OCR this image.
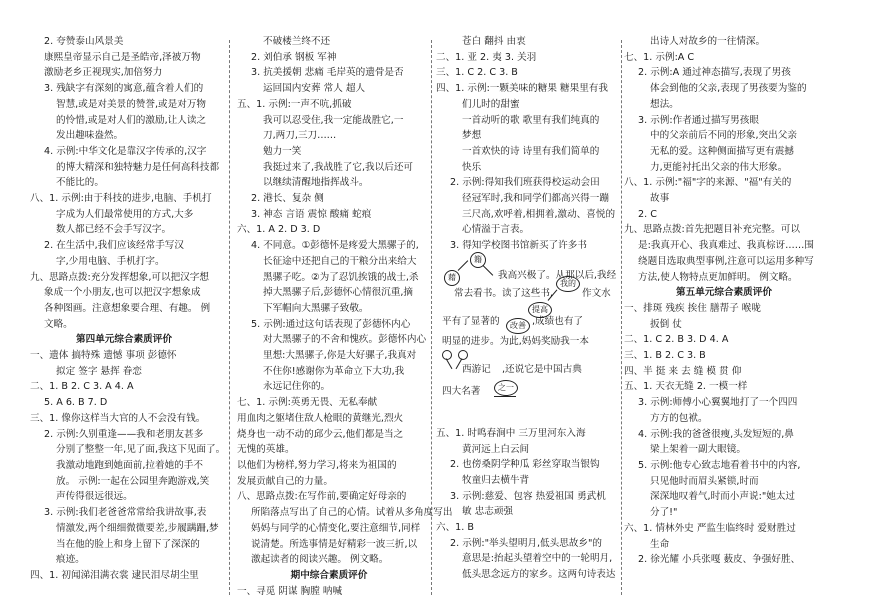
2. 夸赞泰山风景美

康熙皇帝显示自己是圣皓帝,泽被万物

激励老乡正视现实,加倍努力

3. 残缺字有深刻的寓意,蕴含着人们的

智慧,或是对美景的赞誉,或是对万物

的怜惜,或是对人们的激励,让人读之

发出趣味盎然。

4. 示例:中华文化是靠汉字传承的,汉字

的博大精深和独特魅力是任何高科技都

不能比的。

八、1. 示例:由于科技的进步,电脑、手机打

字成为人们最常使用的方式,大多

数人都已经不会手写汉字。

2. 在生活中,我们应该经常手写汉

字,少用电脑、手机打字。

九、思路点拨:充分发挥想象,可以把汉字想

象成一个小朋友,也可以把汉字想象成

各种图画。注意想象要合理、有趣。 例

文略。

第四单元综合素质评价

一、遗体 搞特殊 遗憾 事项 彭德怀

拟定 签字 悬挥 眷恋

二、1. B 2. C 3. A 4. A

5. A 6. B 7. D

三、1. 像你这样当大官的人不会没有钱。

2. 示例:久别重逢——我和老朋友甚多

分别了整整一年,见了面,我这下见面了。

我激动地跑到她面前,拉着她的手不

放。 示例:一起在公园里奔跑游戏,笑

声传得很远很远。

3. 示例:我们老爸爸常常给我讲故事,表

情激发,两个细细微微要差,步履蹒跚,梦

当在他的脸上和身上留下了深深的

痕迹。

四、1. 初闻涕泪满衣裳 逮民泪尽胡尘里

不破楼兰终不还

2. 刘伯承 钢板 军神

3. 抗美援朝 悲痛 毛岸英的遗骨是否

运回国内安葬 常人 超人

五、1. 示例:一声不吭,抓破

我可以忍受住,我一定能战胜它,一

刀,两刀,三刀……

勉力一笑

我挺过来了,我战胜了它,我以后还可

以继续清醒地指挥战斗。

2. 港长、复杂 侧

3. 神态 言语 震惊 酸痛 蛇痕

六、1. A 2. D 3. D

4. 不同意。①彭德怀是疼爱大黑骡子的,

长征途中还把自己的干粮分出来给大

黑骡子吃。②为了忍饥挨饿的战士,杀

掉大黑骡子后,彭德怀心情很沉重,摘

下军帽向大黑骡子致敬。

5. 示例:通过这句话表现了彭德怀内心

对大黑骡子的不舍和愧疚。彭德怀内心

里想:大黑骡子,你是大好骡子,我真对

不住你!感谢你为革命立下大功,我

永远记住你的。

七、1. 示例:英勇无畏、无私奉献

用血肉之躯堵住敌人枪眼的黄继光,烈火

烧身也一动不动的邱少云,他们都是当之

无愧的英雄。

以他们为榜样,努力学习,将来为祖国的

发展贡献自己的力量。

八、思路点拨:在写作前,要确定好母亲的

所陷落点写出了自己的心情。试着从多角度写出

妈妈与同学的心情变化,要注意细节,同样

说清楚。所选事情是好精彩一波三折,以

激起读者的阅读兴趣。 例文略。

期中综合素质评价

一、寻觅 阴谋 胸膛 呐喊

苍白 翻抖 由衷

二、1. 亚 2. 夷 3. 关羽

三、1. C 2. C 3. B

四、1. 示例:一颗美味的糖果 糖果里有我

们儿时的甜蜜

一首动听的歌 歌里有我们纯真的

梦想

一首欢快的诗 诗里有我们简单的

快乐

2. 示例:得知我们班获得校运动会田

径冠军时,我和同学们都高兴得一蹦

三尺高,欢呼着,相拥着,激动、喜悦的

心情溢于言表。

3. 得知学校图书馆新买了许多书

籍
藉	我高兴极了。从那以后,我经
常去看书。读了这些书,
我的
作文水
提高
平有了显著的	改善 ,成绩也有了
明显的进步。为此,妈妈奖励我一本
西游记 ,还说它是中国古典
四大名著	之一

五、1. 时鸣春涧中 三万里河东入海

黄河远上白云间

2. 也傍桑阴学种瓜 彩丝穿取当银钩

牧童归去横牛背

3. 示例:慈爱、包容 热爱祖国 勇武机

敏 忠志顽强

六、1. B

2. 示例:"举头望明月,低头思故乡"的

意思是:抬起头望着空中的一轮明月,

低头思念远方的家乡。这两句诗表达

出诗人对故乡的一往情深。

七、1. 示例:A C

2. 示例:A 通过神态描写,表现了男孩

体会到他的父亲,表现了男孩要为鉴的

想法。

3. 示例:作者通过描写男孩眼

中的父亲前后不同的形象,突出父亲

无私的爱。这种侧面描写更有震撼

力,更能衬托出父亲的伟大形象。

八、1. 示例:"福"字的来源、"福"有关的

故事

2. C

九、思路点拨:首先把题目补充完整。可以

是:我真开心、我真难过、我真棕讶……围

绕题目选取典型事例,注意可以运用多种写

方法,使人物特点更加鲜明。 例文略。

第五单元综合素质评价

一、排斑 残疾 挨住 膳帮子 喉咙

扳倒 仗

二、1. C 2. B 3. D 4. A

三、1. B 2. C 3. B

四、半 挺 来 去 缝 模 贯 仰

五、1. 天衣无缝 2. 一模一样

3. 示例:师傅小心翼翼地打了一个四四

方方的包袱。

4. 示例:我的爸爸很瘦,头发短短的,鼻

梁上架着一副大眼镜。

5. 示例:他专心致志地看着书中的内容,

只见他时而眉头紧锁,时而

深深地叹着气,时而小声说:"她太过

分了!"

六、1. 情林外史 严监生临终时 爱财胜过

生命

2. 徐光耀 小兵张嘎 薮皮、争强好胜、
